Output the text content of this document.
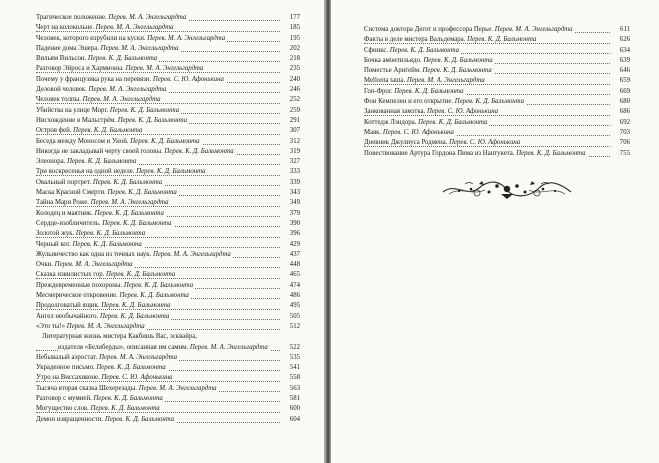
Трагическое положение. Перев. М. А. Энгельгардта	177
Черт на колокольне. Перев. М. А. Энгельгардта	185
Человек, которого изрубили на куски. Перев. М. А. Энгельгардта	195
Падение дома Эшера. Перев. М. А. Энгельгардта	202
Вильям Вильсон. Перев. К. Д. Бальмонта	218
Разговор Эйроса и Хармионы. Перев. М. А. Энгельгардта	235
Почему у французика рука на перевязи. Перев. С. Ю. Афонькина	240
Деловой человек. Перев. М. А. Энгельгардта	246
Человек толпы. Перев. М. А. Энгельгардта	252
Убийства на улице Морг. Перев. К. Д. Бальмонта	259
Нисхождение в Мальстрём. Перев. К. Д. Бальмонта	291
Остров фей. Перев. К. Д. Бальмонта	307
Беседа между Моносом и Уной. Перев. К. Д. Бальмонта	312
Никогда не закладывай черту своей головы. Перев. К. Д. Бальмонта	319
Элеонора. Перев. К. Д. Бальмонта	327
Три воскресенья на одной неделе. Перев. К. Д. Бальмонта	333
Овальный портрет. Перев. К. Д. Бальмонта	339
Маска Красной Смерти. Перев. К. Д. Бальмонта	343
Тайна Мари Роже. Перев. М. А. Энгельгардта	349
Колодец и маятник. Перев. К. Д. Бальмонта	379
Сердце-изобличитель. Перев. К. Д. Бальмонта	390
Золотой жук. Перев. К. Д. Бальмонта	396
Черный кот. Перев. К. Д. Бальмонта	429
Жульничество как одна из точных наук. Перев. М. А. Энгельгардта	437
Очки. Перев. М. А. Энгельгардта	448
Сказка извилистых гор. Перев. К. Д. Бальмонта	465
Преждевременные похороны. Перев. К. Д. Бальмонта	474
Месмерическое откровение. Перев. К. Д. Бальмонта	486
Продолговатый ящик. Перев. К. Д. Бальмонта	495
Ангел необычайного. Перев. К. Д. Бальмонта	505
«Это ты!» Перев. М. А. Энгельгардта	512
Литературная жизнь мистера Какбишь Вас, эсквайра,
издателя «Белиберды», описанная им самим. Перев. М. А. Энгельгардта	522
Небывалый аэростат. Перев. М. А. Энгельгардта	535
Украденное письмо. Перев. К. Д. Бальмонта	541
Утро на Виссахиконе. Перев. С. Ю. Афонькина	558
Тысяча вторая сказка Шехерезады. Перев. М. А. Энгельгардта	563
Разговор с мумией. Перев. К. Д. Бальмонта	581
Могущество слов. Перев. К. Д. Бальмонта	600
Демон извращенности. Перев. К. Д. Бальмонта	604
Система доктора Дегот и профессора Перье. Перев. М. А. Энгельгардта	611
Факты в деле мистера Вальдемара. Перев. К. Д. Бальмонта	626
Сфинкс. Перев. К. Д. Бальмонта	634
Бочка амонтильядо. Перев. К. Д. Бальмонта	639
Поместье Арнгейм. Перев. К. Д. Бальмонта	646
Mellonta tauta. Перев. М. А. Энгельгардта	659
Гоп-Фрог. Перев. К. Д. Бальмонта	669
Фон Кемпелен и его открытие. Перев. К. Д. Бальмонта	680
Занкованная замзтка. Перев. С. Ю. Афонькина	686
Коттедж Лэндора. Перев. К. Д. Бальмонта	692
Маяк. Перев. С. Ю. Афонькина	703
Дневник Джулиуса Родмена. Перев. С. Ю. Афонькина	706
Повествование Артура Гордона Пима из Нантукета. Перев. К. Д. Бальмонта	755
